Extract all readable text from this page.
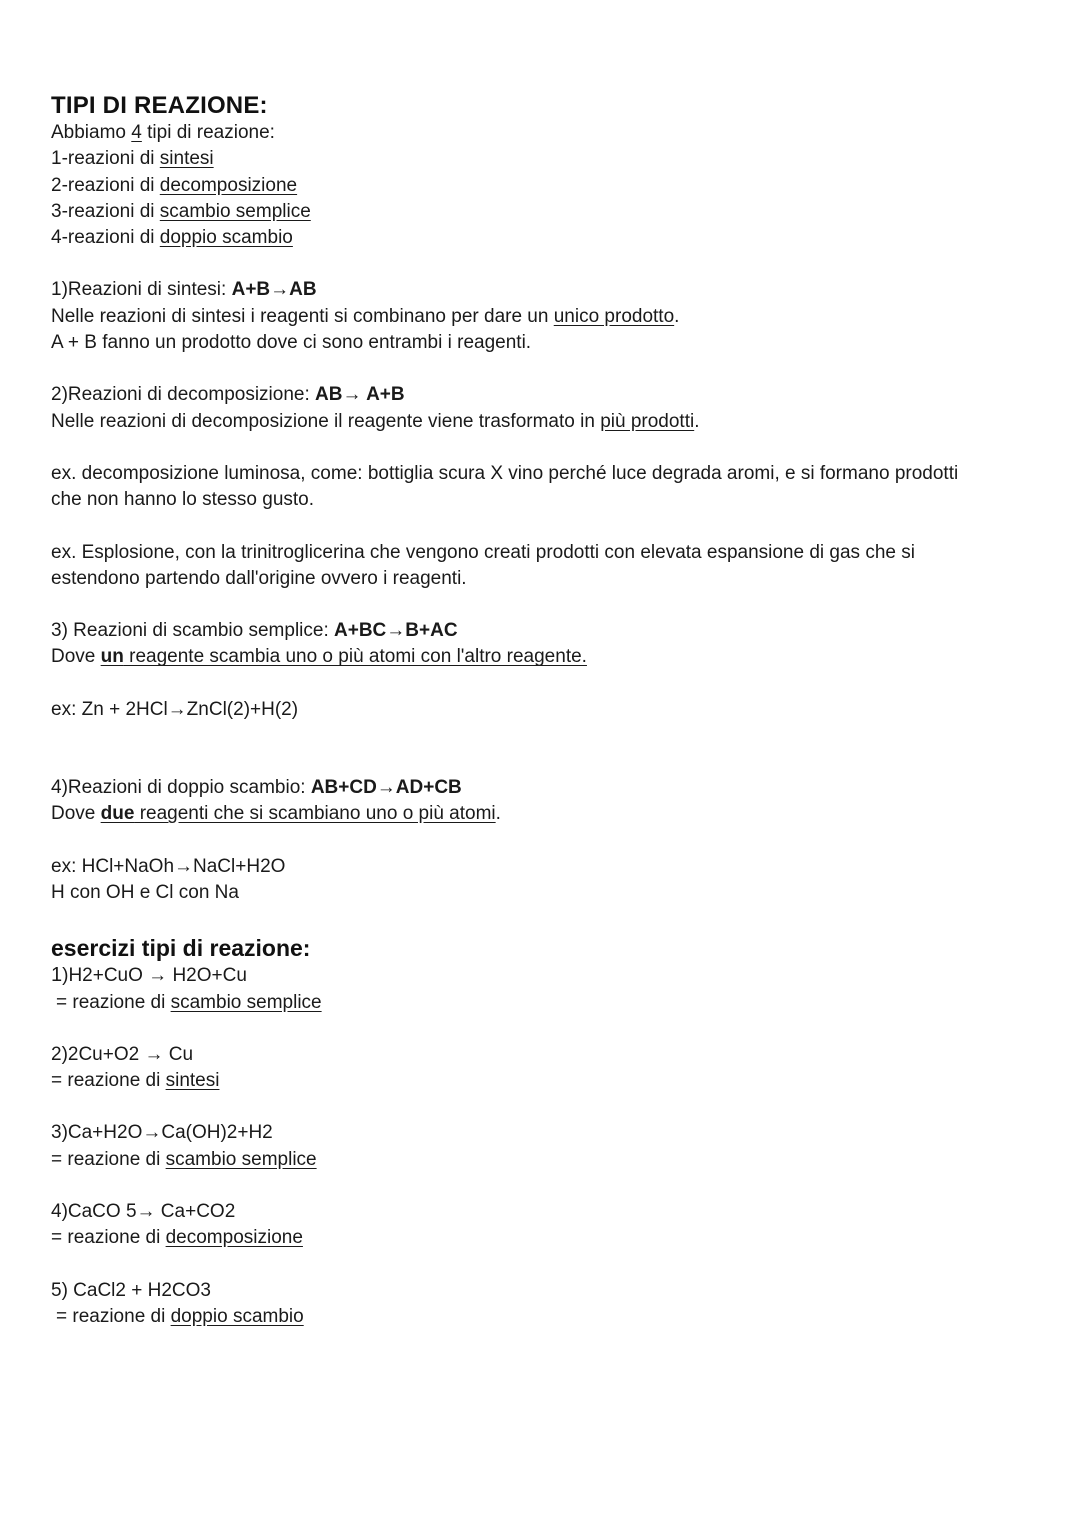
TIPI DI REAZIONE:

Abbiamo 4 tipi di reazione:

1-reazioni di sintesi

2-reazioni di decomposizione

3-reazioni di scambio semplice

4-reazioni di doppio scambio

1)Reazioni di sintesi: A+B→AB

Nelle reazioni di sintesi i reagenti si combinano per dare un unico prodotto.

A + B fanno un prodotto dove ci sono entrambi i reagenti.

2)Reazioni di decomposizione: AB→ A+B

Nelle reazioni di decomposizione il reagente viene trasformato in più prodotti.

ex. decomposizione luminosa, come: bottiglia scura X vino perché luce degrada aromi, e si formano prodotti

che non hanno lo stesso gusto.

ex. Esplosione, con la trinitroglicerina che vengono creati prodotti con elevata espansione di gas che si

estendono partendo dall'origine ovvero i reagenti.

3) Reazioni di scambio semplice: A+BC→B+AC

Dove un reagente scambia uno o più atomi con l'altro reagente.

ex: Zn + 2HCl→ZnCl(2)+H(2)

4)Reazioni di doppio scambio: AB+CD→AD+CB

Dove due reagenti che si scambiano uno o più atomi.

ex: HCl+NaOh→NaCl+H2O

H con OH e Cl con Na

esercizi tipi di reazione:

1)H2+CuO → H2O+Cu

= reazione di scambio semplice

2)2Cu+O2 → Cu

= reazione di sintesi

3)Ca+H2O→Ca(OH)2+H2

= reazione di scambio semplice

4)CaCO 5→ Ca+CO2

= reazione di decomposizione

5) CaCl2 + H2CO3

= reazione di doppio scambio
